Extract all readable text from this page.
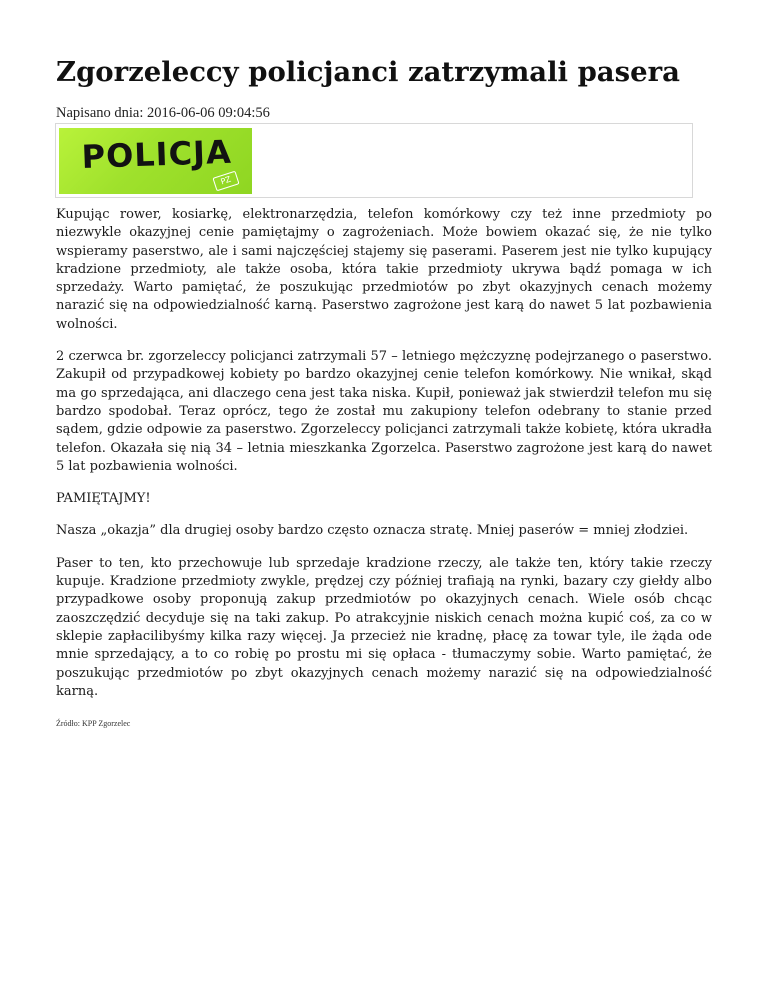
Zgorzeleccy policjanci zatrzymali pasera

Napisano dnia: 2016-06-06 09:04:56

POLICJA
PZ

Kupując rower, kosiarkę, elektronarzędzia, telefon komórkowy czy też inne przedmioty po niezwykle okazyjnej cenie pamiętajmy o zagrożeniach. Może bowiem okazać się, że nie tylko wspieramy paserstwo, ale i sami najczęściej stajemy się paserami. Paserem jest nie tylko kupujący kradzione przedmioty, ale także osoba, która takie przedmioty ukrywa bądź pomaga w ich sprzedaży. Warto pamiętać, że poszukując przedmiotów po zbyt okazyjnych cenach możemy narazić się na odpowiedzialność karną. Paserstwo zagrożone jest karą do nawet 5 lat pozbawienia wolności.

2 czerwca br. zgorzeleccy policjanci zatrzymali 57 – letniego mężczyznę podejrzanego o paserstwo. Zakupił od przypadkowej kobiety po bardzo okazyjnej cenie telefon komórkowy. Nie wnikał, skąd ma go sprzedająca, ani dlaczego cena jest taka niska. Kupił, ponieważ jak stwierdził telefon mu się bardzo spodobał. Teraz oprócz, tego że został mu zakupiony telefon odebrany to stanie przed sądem, gdzie odpowie za paserstwo. Zgorzeleccy policjanci zatrzymali także kobietę, która ukradła telefon. Okazała się nią 34 – letnia mieszkanka Zgorzelca. Paserstwo zagrożone jest karą do nawet 5 lat pozbawienia wolności.

PAMIĘTAJMY!

Nasza „okazja” dla drugiej osoby bardzo często oznacza stratę. Mniej paserów = mniej złodziei.

Paser to ten, kto przechowuje lub sprzedaje kradzione rzeczy, ale także ten, który takie rzeczy kupuje. Kradzione przedmioty zwykle, prędzej czy później trafiają na rynki, bazary czy giełdy albo przypadkowe osoby proponują zakup przedmiotów po okazyjnych cenach. Wiele osób chcąc zaoszczędzić decyduje się na taki zakup. Po atrakcyjnie niskich cenach można kupić coś, za co w sklepie zapłacilibyśmy kilka razy więcej. Ja przecież nie kradnę, płacę za towar tyle, ile żąda ode mnie sprzedający, a to co robię po prostu mi się opłaca - tłumaczymy sobie. Warto pamiętać, że poszukując przedmiotów po zbyt okazyjnych cenach możemy narazić się na odpowiedzialność karną.

Źródło: KPP Zgorzelec
